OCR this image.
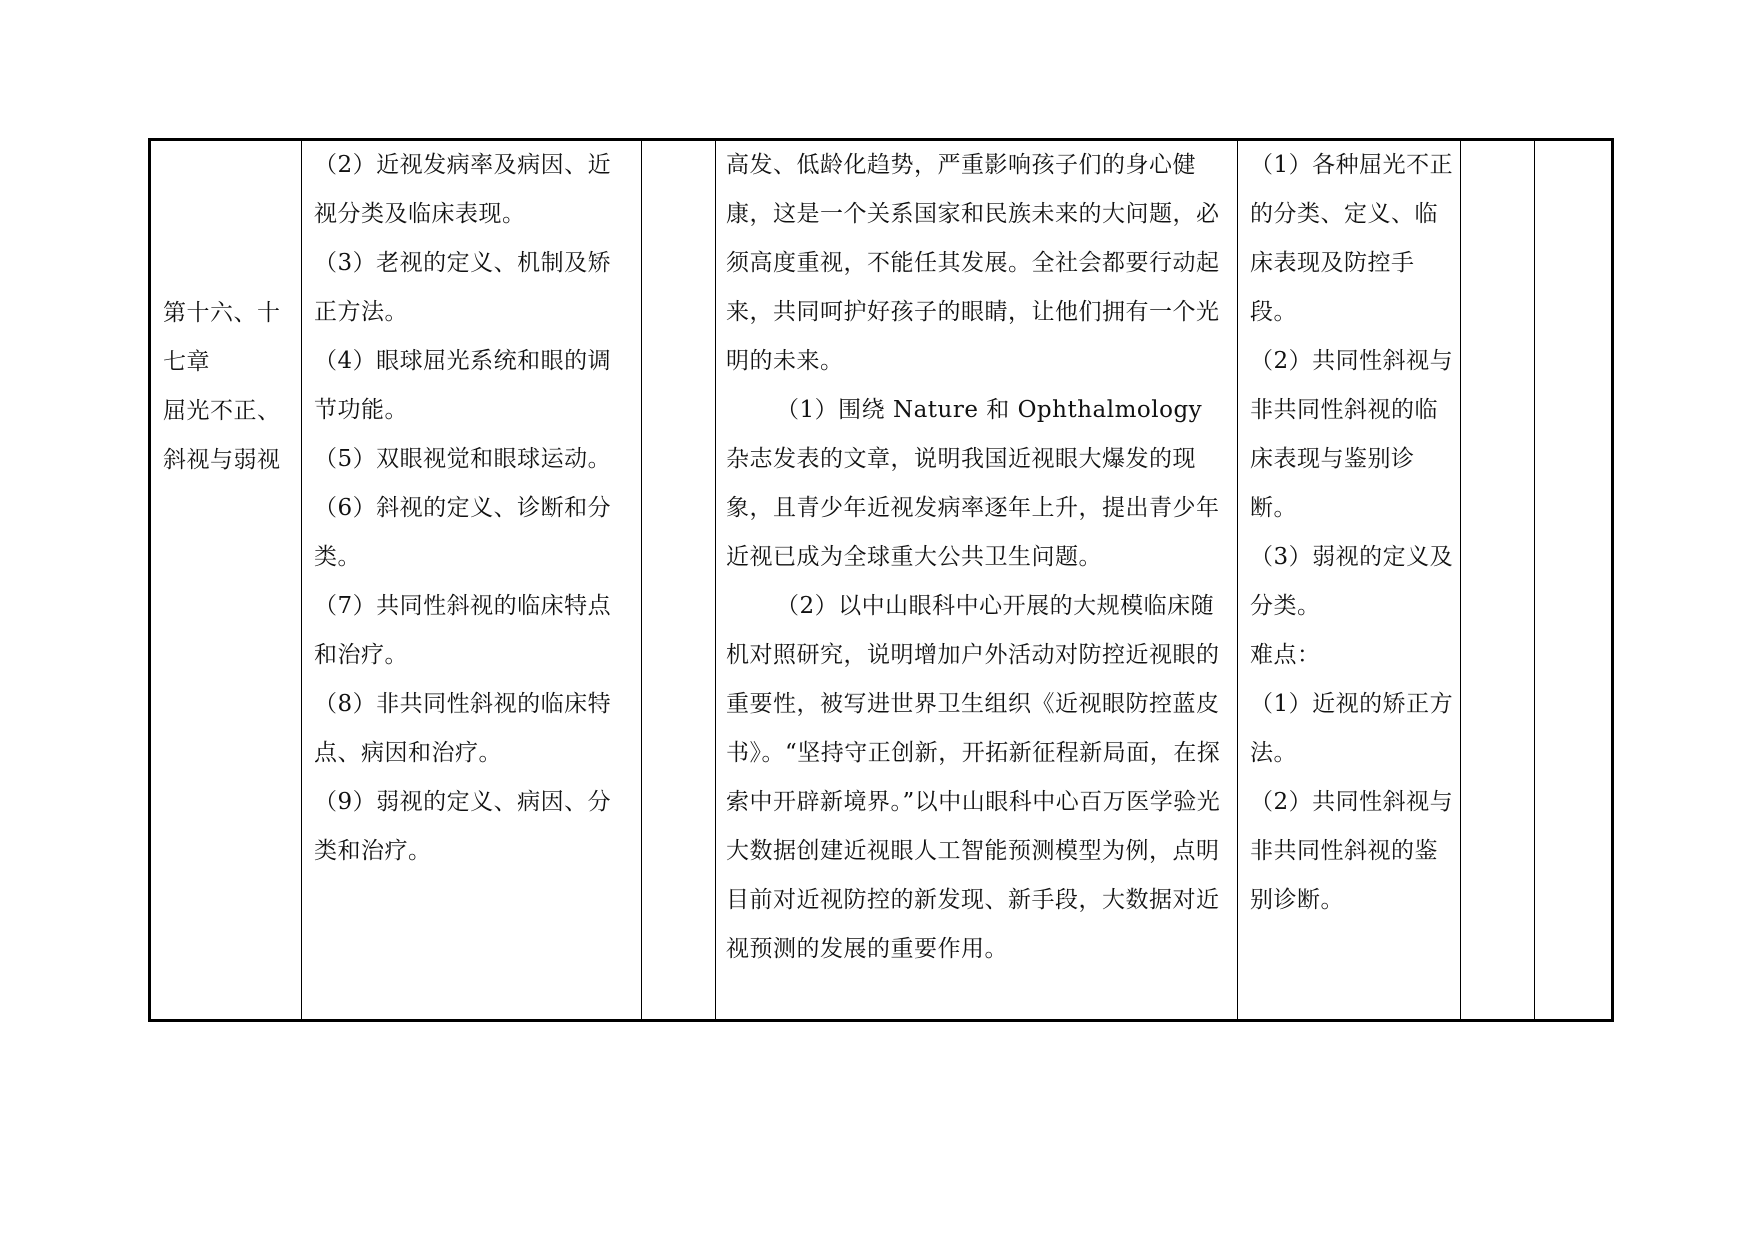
第十六、十

七章

屈光不正、

斜视与弱视

（2）近视发病率及病因、近视分类及临床表现。

（3）老视的定义、机制及矫正方法。

（4）眼球屈光系统和眼的调节功能。

（5）双眼视觉和眼球运动。

（6）斜视的定义、诊断和分类。

（7）共同性斜视的临床特点和治疗。

（8）非共同性斜视的临床特点、病因和治疗。

（9）弱视的定义、病因、分类和治疗。

高发、低龄化趋势，严重影响孩子们的身心健康，这是一个关系国家和民族未来的大问题，必须高度重视，不能任其发展。全社会都要行动起来，共同呵护好孩子的眼睛，让他们拥有一个光明的未来。

（1）围绕 Nature 和 Ophthalmology 杂志发表的文章，说明我国近视眼大爆发的现象，且青少年近视发病率逐年上升，提出青少年近视已成为全球重大公共卫生问题。

（2）以中山眼科中心开展的大规模临床随机对照研究，说明增加户外活动对防控近视眼的重要性，被写进世界卫生组织《近视眼防控蓝皮书》。“坚持守正创新，开拓新征程新局面，在探索中开辟新境界。”以中山眼科中心百万医学验光大数据创建近视眼人工智能预测模型为例，点明目前对近视防控的新发现、新手段，大数据对近视预测的发展的重要作用。

（1）各种屈光不正的分类、定义、临床表现及防控手段。

（2）共同性斜视与非共同性斜视的临床表现与鉴别诊断。

（3）弱视的定义及分类。

难点：

（1）近视的矫正方法。

（2）共同性斜视与非共同性斜视的鉴别诊断。
